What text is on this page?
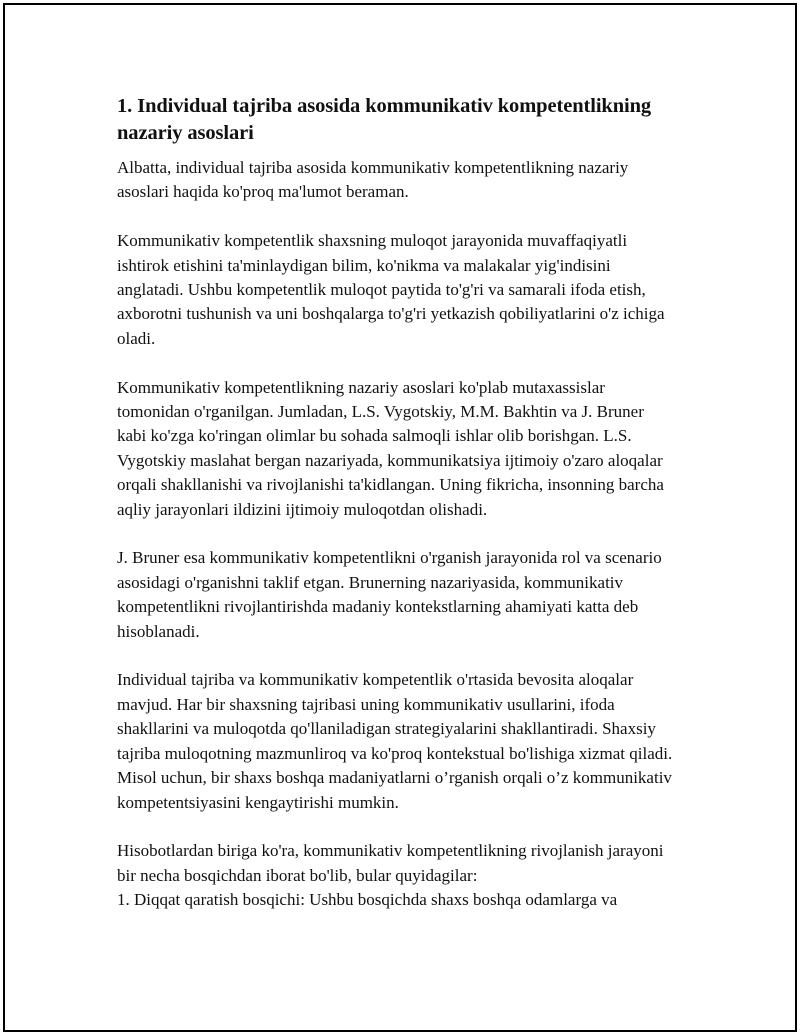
1. Individual tajriba asosida kommunikativ kompetentlikning nazariy asoslari

Albatta, individual tajriba asosida kommunikativ kompetentlikning nazariy asoslari haqida ko'proq ma'lumot beraman.

Kommunikativ kompetentlik shaxsning muloqot jarayonida muvaffaqiyatli ishtirok etishini ta'minlaydigan bilim, ko'nikma va malakalar yig'indisini anglatadi. Ushbu kompetentlik muloqot paytida to'g'ri va samarali ifoda etish, axborotni tushunish va uni boshqalarga to'g'ri yetkazish qobiliyatlarini o'z ichiga oladi.

Kommunikativ kompetentlikning nazariy asoslari ko'plab mutaxassislar tomonidan o'rganilgan. Jumladan, L.S. Vygotskiy, M.M. Bakhtin va J. Bruner kabi ko'zga ko'ringan olimlar bu sohada salmoqli ishlar olib borishgan. L.S. Vygotskiy maslahat bergan nazariyada, kommunikatsiya ijtimoiy o'zaro aloqalar orqali shakllanishi va rivojlanishi ta'kidlangan. Uning fikricha, insonning barcha aqliy jarayonlari ildizini ijtimoiy muloqotdan olishadi.

J. Bruner esa kommunikativ kompetentlikni o'rganish jarayonida rol va scenario asosidagi o'rganishni taklif etgan. Brunerning nazariyasida, kommunikativ kompetentlikni rivojlantirishda madaniy kontekstlarning ahamiyati katta deb hisoblanadi.

Individual tajriba va kommunikativ kompetentlik o'rtasida bevosita aloqalar mavjud. Har bir shaxsning tajribasi uning kommunikativ usullarini, ifoda shakllarini va muloqotda qo'llaniladigan strategiyalarini shakllantiradi. Shaxsiy tajriba muloqotning mazmunliroq va ko'proq kontekstual bo'lishiga xizmat qiladi. Misol uchun, bir shaxs boshqa madaniyatlarni o’rganish orqali o’z kommunikativ kompetentsiyasini kengaytirishi mumkin.

Hisobotlardan biriga ko'ra, kommunikativ kompetentlikning rivojlanish jarayoni bir necha bosqichdan iborat bo'lib, bular quyidagilar:

1. Diqqat qaratish bosqichi: Ushbu bosqichda shaxs boshqa odamlarga va
